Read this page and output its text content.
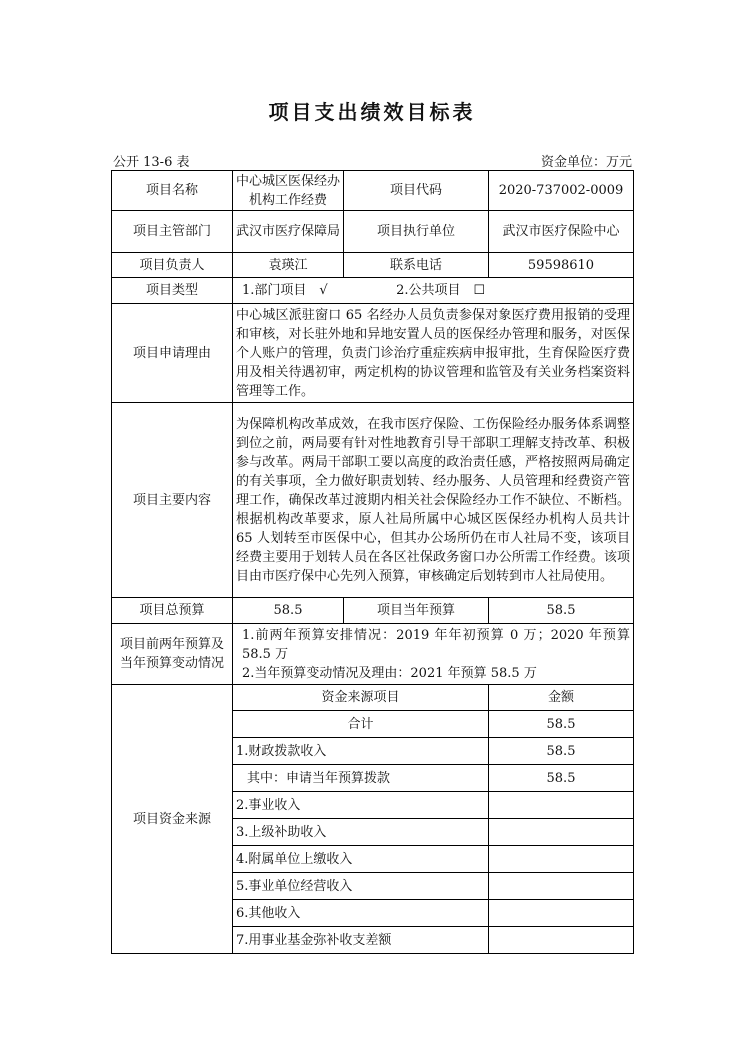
项目支出绩效目标表
公开 13-6 表	资金单位：万元
项目名称	中心城区医保经办机构工作经费	项目代码	2020-737002-0009
项目主管部门	武汉市医疗保障局	项目执行单位	武汉市医疗保险中心
项目负责人	袁瑛江	联系电话	59598610
项目类型	1.部门项目　√ 2.公共项目　☐		
项目申请理由	中心城区派驻窗口 65 名经办人员负责参保对象医疗费用报销的受理和审核，对长驻外地和异地安置人员的医保经办管理和服务，对医保个人账户的管理，负责门诊治疗重症疾病申报审批，生育保险医疗费用及相关待遇初审，两定机构的协议管理和监管及有关业务档案资料管理等工作。		
项目主要内容	为保障机构改革成效，在我市医疗保险、工伤保险经办服务体系调整到位之前，两局要有针对性地教育引导干部职工理解支持改革、积极参与改革。两局干部职工要以高度的政治责任感，严格按照两局确定的有关事项，全力做好职责划转、经办服务、人员管理和经费资产管理工作，确保改革过渡期内相关社会保险经办工作不缺位、不断档。根据机构改革要求，原人社局所属中心城区医保经办机构人员共计 65 人划转至市医保中心，但其办公场所仍在市人社局不变，该项目经费主要用于划转人员在各区社保政务窗口办公所需工作经费。该项目由市医疗保中心先列入预算，审核确定后划转到市人社局使用。		
项目总预算	58.5	项目当年预算	58.5
项目前两年预算及当年预算变动情况	1.前两年预算安排情况：2019 年年初预算 0 万；2020 年预算 58.5 万
2.当年预算变动情况及理由：2021 年预算 58.5 万		

项目资金来源	资金来源项目		金额
	合计		58.5
	1.财政拨款收入		58.5
	其中：申请当年预算拨款		58.5
	2.事业收入		
	3.上级补助收入		
	4.附属单位上缴收入		
	5.事业单位经营收入		
	6.其他收入		
	7.用事业基金弥补收支差额		
